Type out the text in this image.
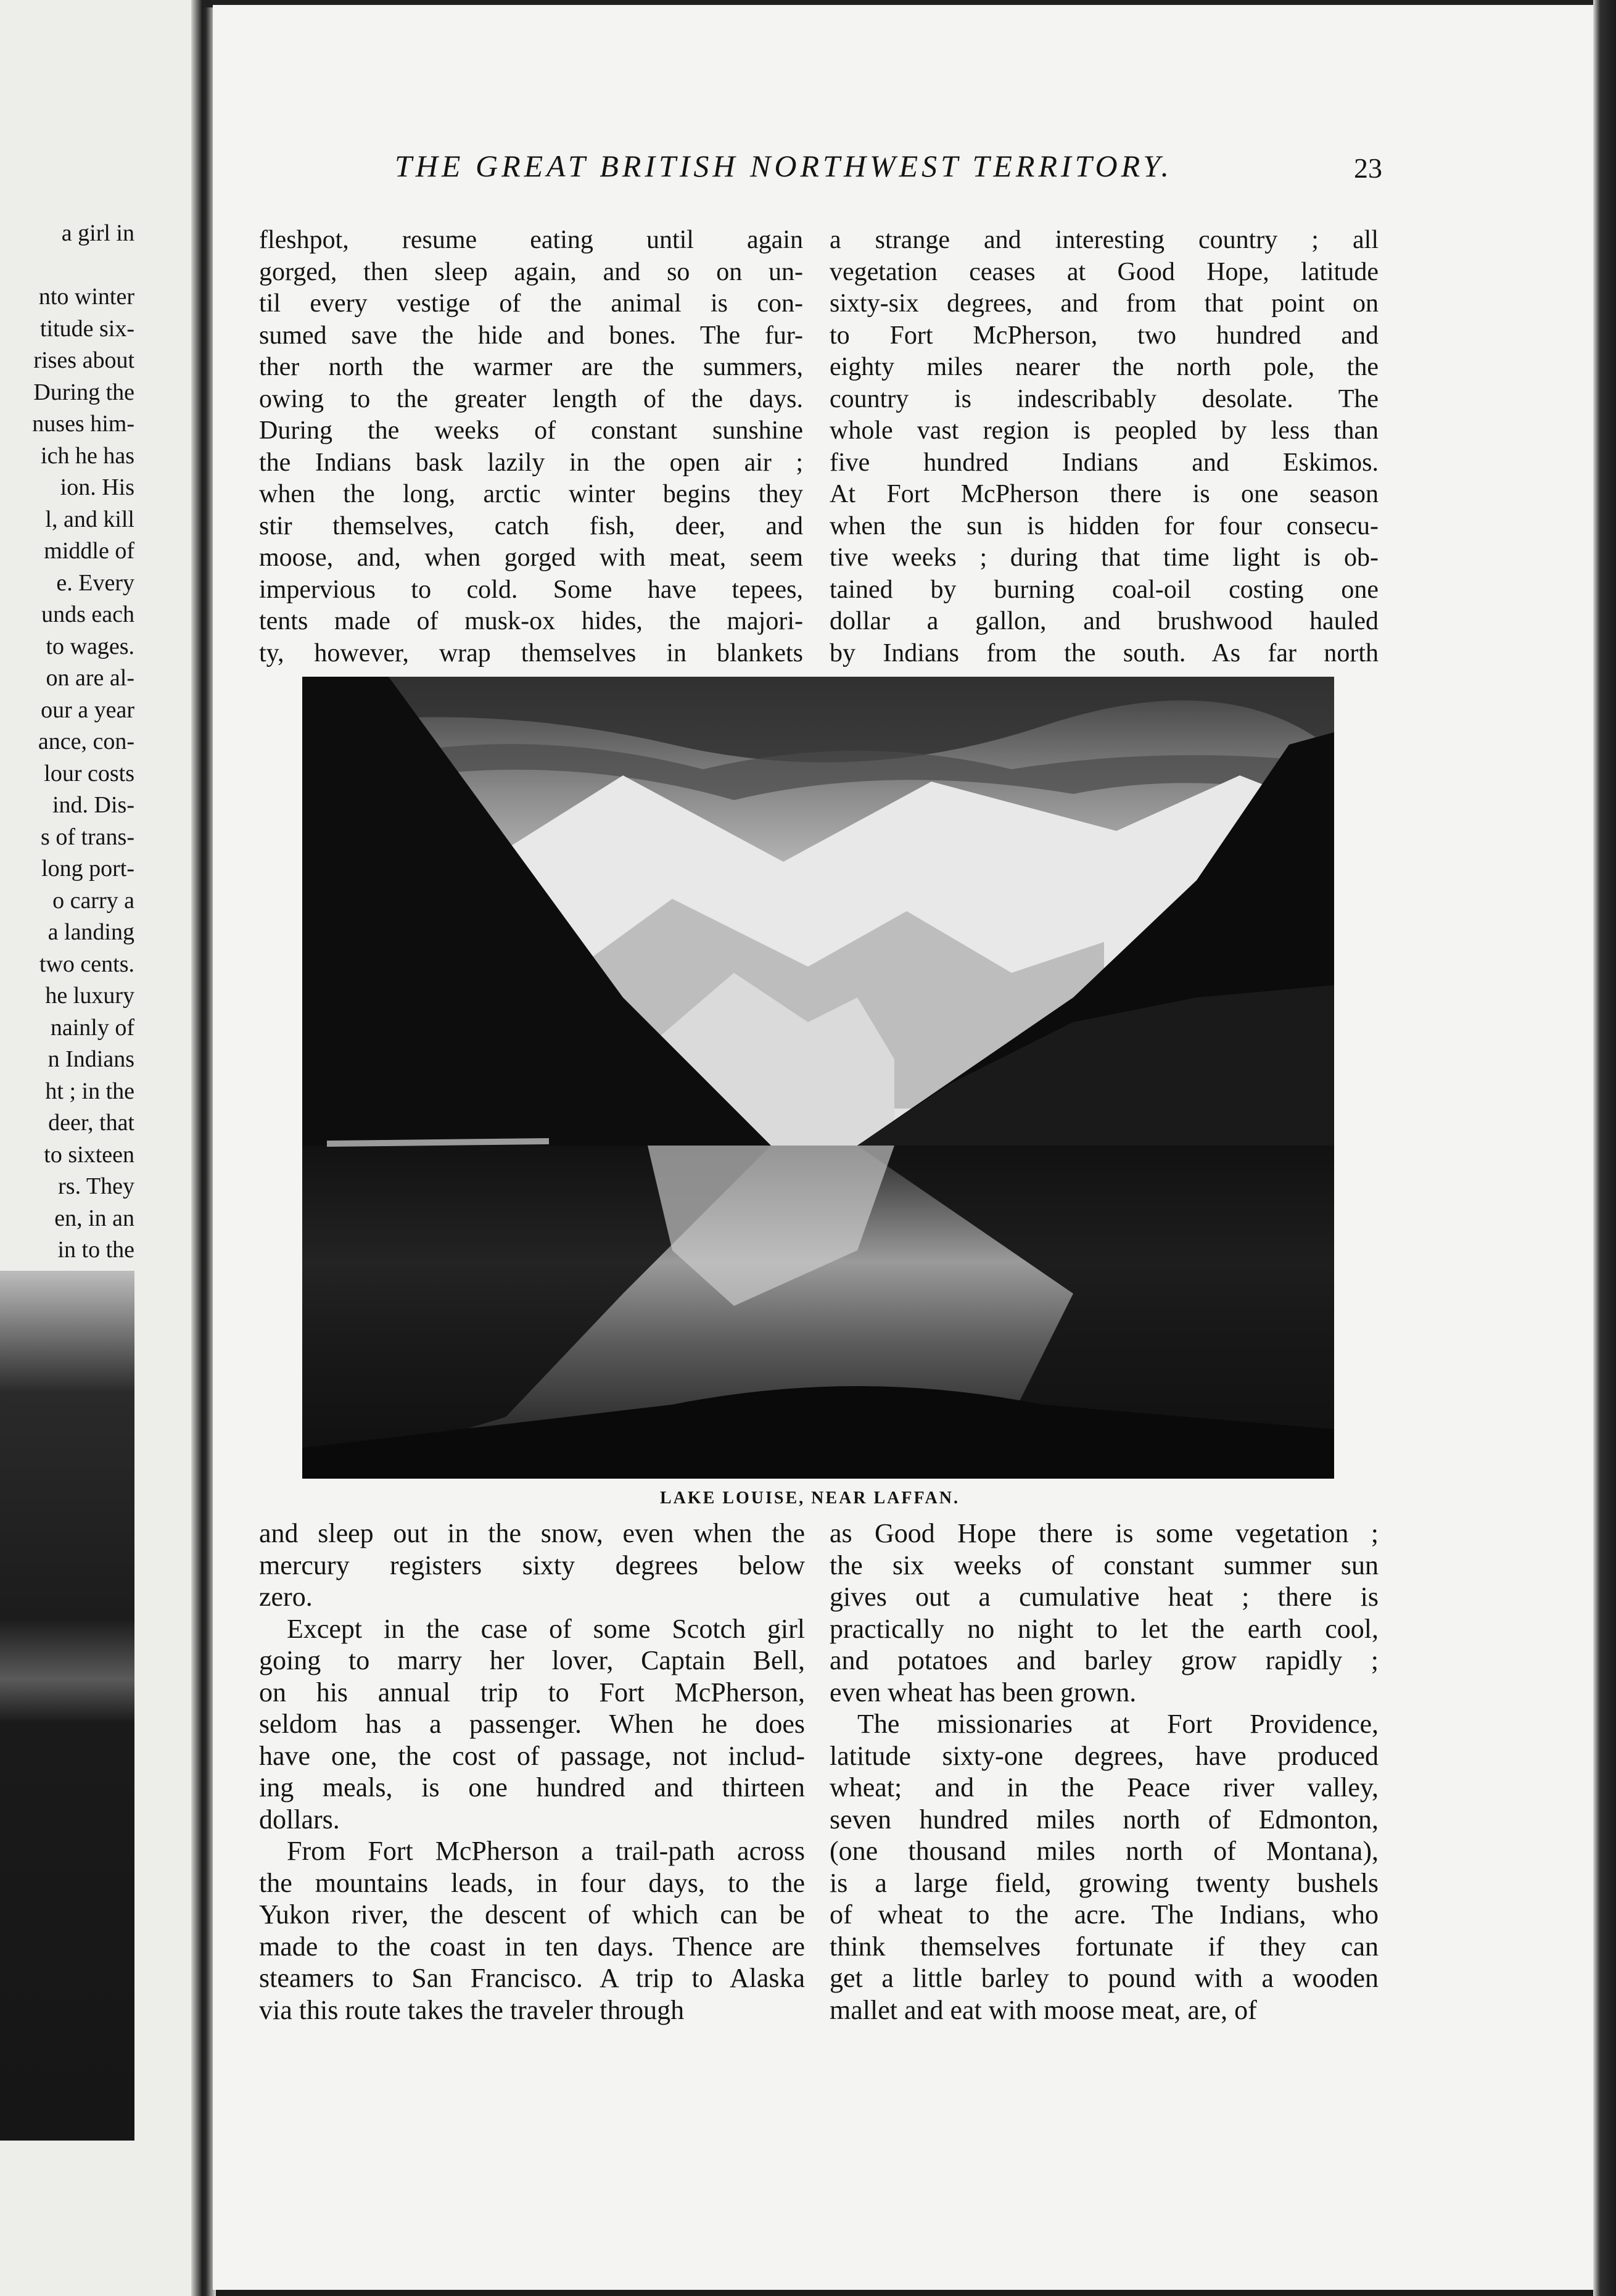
a girl in
nto winter
titude six-
rises about
During the
nuses him-
ich he has
ion. His
l, and kill
middle of
e. Every
unds each
to wages.
on are al-
our a year
ance, con-
lour costs
ind. Dis-
s of trans-
long port-
o carry a
a landing
two cents.
he luxury
nainly of
n Indians
ht ; in the
deer, that
to sixteen
rs. They
en, in an
in to the
THE GREAT BRITISH NORTHWEST TERRITORY.	23
fleshpot, resume eating until again
gorged, then sleep again, and so on un-
til every vestige of the animal is con-
sumed save the hide and bones. The fur-
ther north the warmer are the summers,
owing to the greater length of the days.
During the weeks of constant sunshine
the Indians bask lazily in the open air ;
when the long, arctic winter begins they
stir themselves, catch fish, deer, and
moose, and, when gorged with meat, seem
impervious to cold. Some have tepees,
tents made of musk-ox hides, the majori-
ty, however, wrap themselves in blankets
a strange and interesting country ; all
vegetation ceases at Good Hope, latitude
sixty-six degrees, and from that point on
to Fort McPherson, two hundred and
eighty miles nearer the north pole, the
country is indescribably desolate. The
whole vast region is peopled by less than
five hundred Indians and Eskimos.
At Fort McPherson there is one season
when the sun is hidden for four consecu-
tive weeks ; during that time light is ob-
tained by burning coal-oil costing one
dollar a gallon, and brushwood hauled
by Indians from the south. As far north
LAKE LOUISE, NEAR LAFFAN.
and sleep out in the snow, even when the
mercury registers sixty degrees below
zero.
Except in the case of some Scotch girl
going to marry her lover, Captain Bell,
on his annual trip to Fort McPherson,
seldom has a passenger. When he does
have one, the cost of passage, not includ-
ing meals, is one hundred and thirteen
dollars.
From Fort McPherson a trail-path across
the mountains leads, in four days, to the
Yukon river, the descent of which can be
made to the coast in ten days. Thence are
steamers to San Francisco. A trip to Alaska
via this route takes the traveler through
as Good Hope there is some vegetation ;
the six weeks of constant summer sun
gives out a cumulative heat ; there is
practically no night to let the earth cool,
and potatoes and barley grow rapidly ;
even wheat has been grown.
The missionaries at Fort Providence,
latitude sixty-one degrees, have produced
wheat; and in the Peace river valley,
seven hundred miles north of Edmonton,
(one thousand miles north of Montana),
is a large field, growing twenty bushels
of wheat to the acre. The Indians, who
think themselves fortunate if they can
get a little barley to pound with a wooden
mallet and eat with moose meat, are, of
